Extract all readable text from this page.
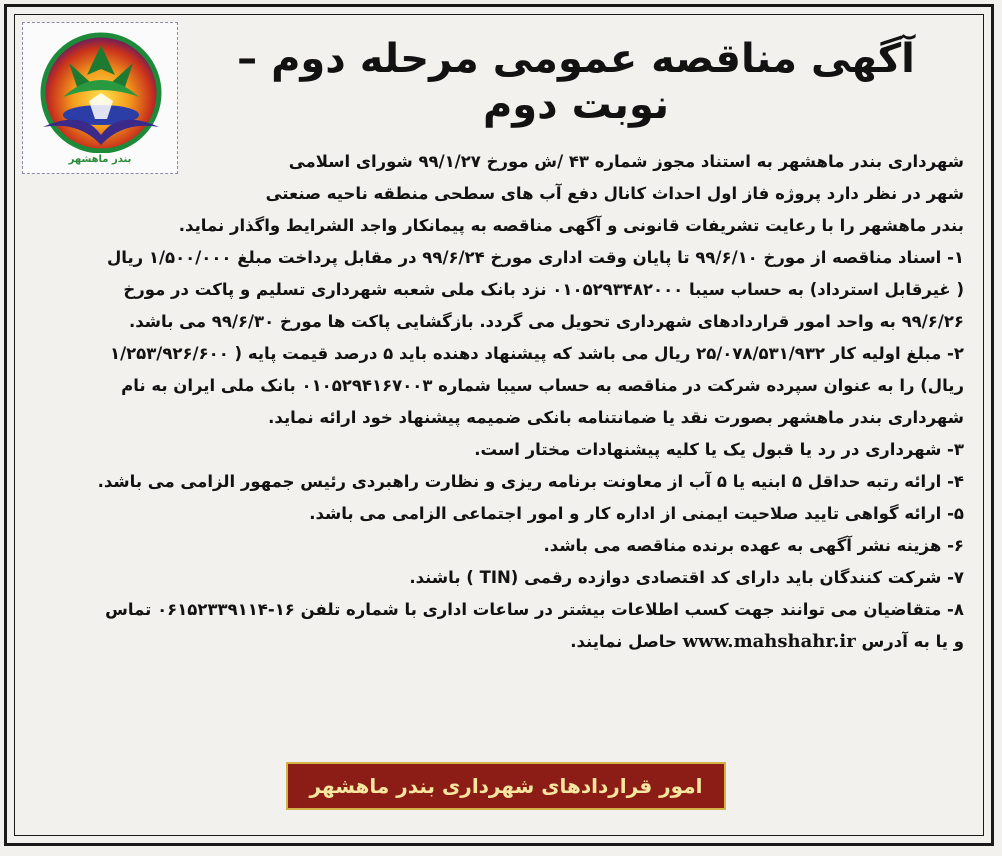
بندر ماهشهر
آگهی مناقصه عمومی مرحله دوم – نوبت دوم
شهرداری بندر ماهشهر به استناد مجوز شماره ۴۳ /ش مورخ ۹۹/۱/۲۷ شورای اسلامی
شهر در نظر دارد پروژه فاز اول احداث کانال دفع آب های سطحی منطقه ناحیه صنعتی
بندر ماهشهر را با رعایت تشریفات قانونی و آگهی مناقصه به پیمانکار واجد الشرایط واگذار نماید.
۱- اسناد مناقصه از مورخ ۹۹/۶/۱۰ تا پایان وقت اداری مورخ ۹۹/۶/۲۴ در مقابل پرداخت مبلغ ۱/۵۰۰/۰۰۰ ریال
( غیرقابل استرداد) به حساب سیبا ۰۱۰۵۲۹۳۴۸۲۰۰۰ نزد بانک ملی شعبه شهرداری تسلیم و پاکت در مورخ
۹۹/۶/۲۶ به واحد امور قراردادهای شهرداری تحویل می گردد. بازگشایی پاکت ها مورخ ۹۹/۶/۳۰ می باشد.
۲- مبلغ اولیه کار ۲۵/۰۷۸/۵۳۱/۹۳۲ ریال می باشد که پیشنهاد دهنده باید ۵ درصد قیمت پایه ( ۱/۲۵۳/۹۲۶/۶۰۰
ریال) را به عنوان سپرده شرکت در مناقصه به حساب سیبا شماره ۰۱۰۵۲۹۴۱۶۷۰۰۳ بانک ملی ایران به نام
شهرداری بندر ماهشهر بصورت نقد یا ضمانتنامه بانکی ضمیمه پیشنهاد خود ارائه نماید.
۳- شهرداری در رد یا قبول یک یا کلیه پیشنهادات مختار است.
۴- ارائه رتبه حداقل ۵ ابنیه یا ۵ آب از معاونت برنامه ریزی و نظارت راهبردی رئیس جمهور الزامی می باشد.
۵- ارائه گواهی تایید صلاحیت ایمنی از اداره کار و امور اجتماعی الزامی می باشد.
۶- هزینه نشر آگهی به عهده برنده مناقصه می باشد.
۷- شرکت کنندگان باید دارای کد اقتصادی دوازده رقمی (TIN ) باشند.
۸- متقاضیان می توانند جهت کسب اطلاعات بیشتر در ساعات اداری با شماره تلفن ۱۶-۰۶۱۵۲۳۳۹۱۱۴ تماس
و یا به آدرس www.mahshahr.ir حاصل نمایند.
امور قراردادهای شهرداری بندر ماهشهر
